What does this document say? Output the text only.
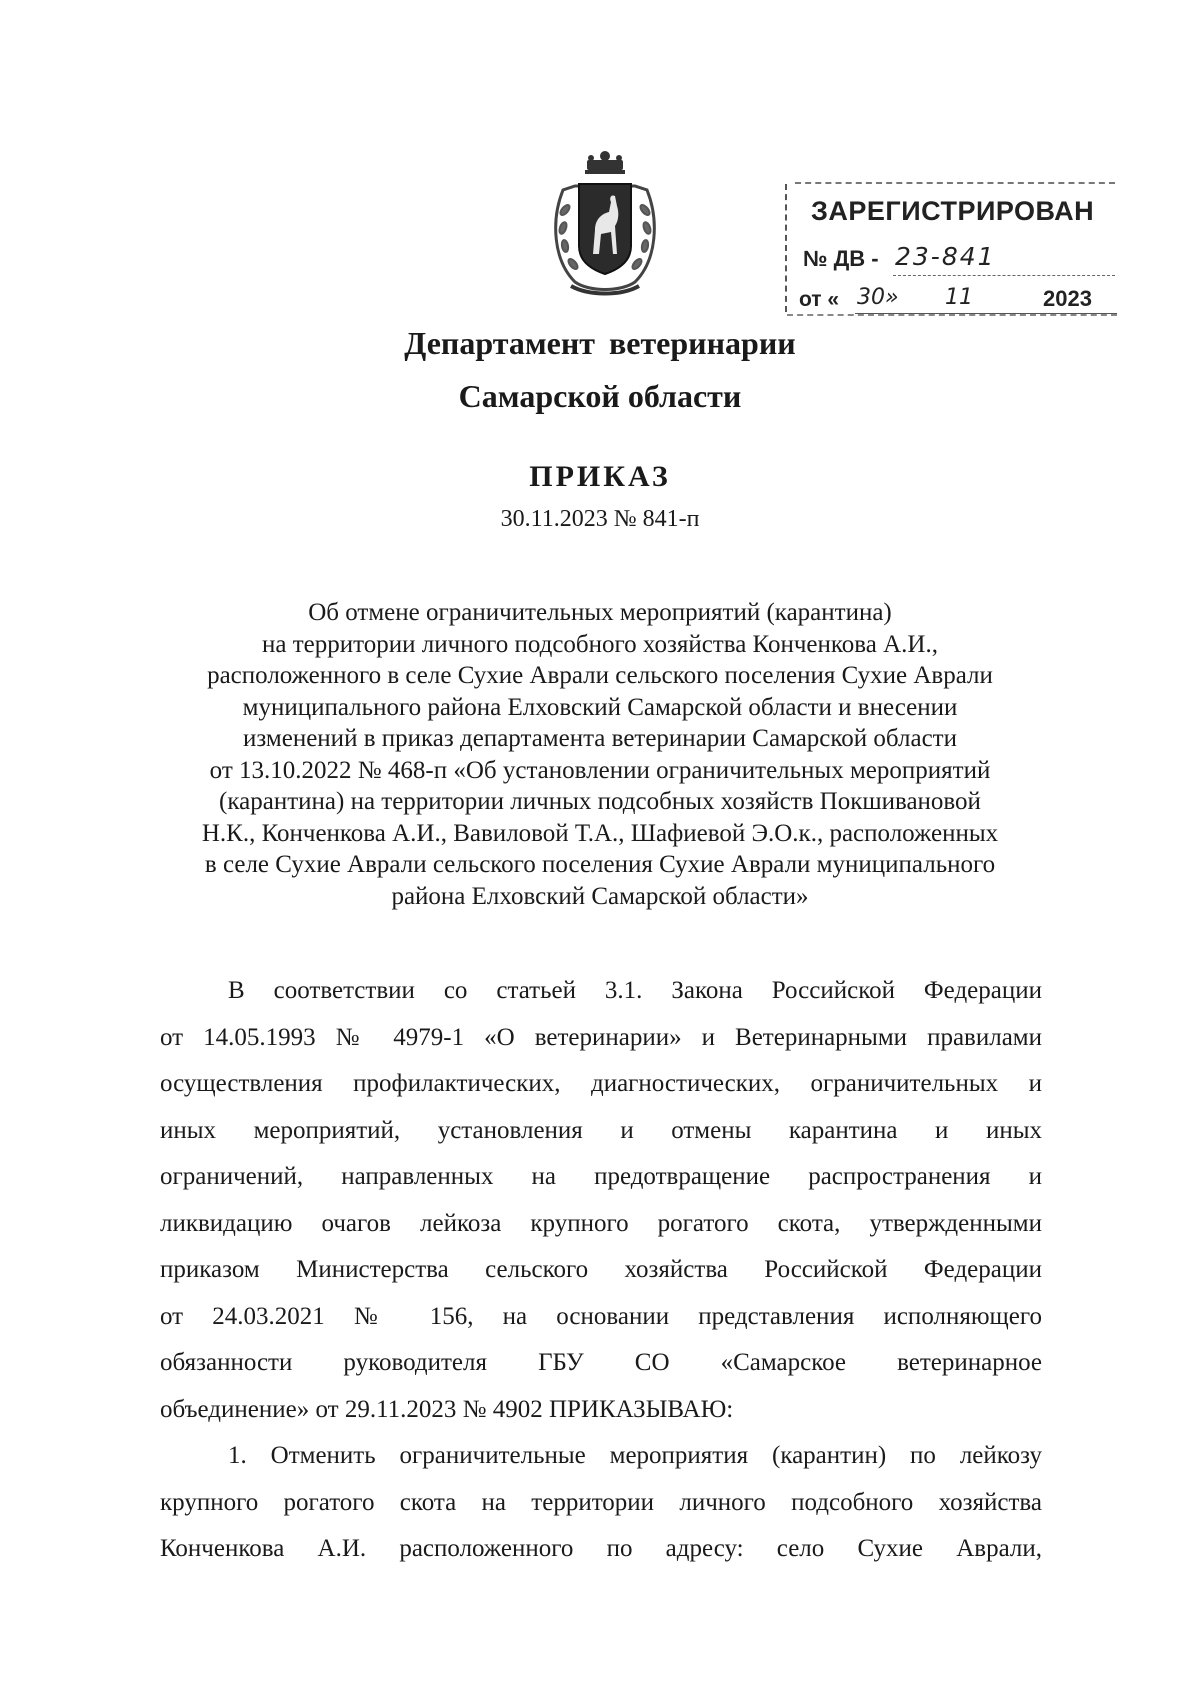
ЗАРЕГИСТРИРОВАН
№ ДВ - 23-841
от « 30» 11	2023
Департамент ветеринарии
Самарской области
ПРИКАЗ
30.11.2023 № 841-п
Об отмене ограничительных мероприятий (карантина)
на территории личного подсобного хозяйства Конченкова А.И.,
расположенного в селе Сухие Аврали сельского поселения Сухие Аврали
муниципального района Елховский Самарской области и внесении
изменений в приказ департамента ветеринарии Самарской области
от 13.10.2022 № 468-п «Об установлении ограничительных мероприятий
(карантина) на территории личных подсобных хозяйств Покшивановой
Н.К., Конченкова А.И., Вавиловой Т.А., Шафиевой Э.О.к., расположенных
в селе Сухие Аврали сельского поселения Сухие Аврали муниципального
района Елховский Самарской области»
В соответствии со статьей 3.1. Закона Российской Федерации
от 14.05.1993 № 4979-1 «О ветеринарии» и Ветеринарными правилами
осуществления профилактических, диагностических, ограничительных и
иных мероприятий, установления и отмены карантина и иных
ограничений, направленных на предотвращение распространения и
ликвидацию очагов лейкоза крупного рогатого скота, утвержденными
приказом Министерства сельского хозяйства Российской Федерации
от 24.03.2021 № 156, на основании представления исполняющего
обязанности руководителя ГБУ СО «Самарское ветеринарное
объединение» от 29.11.2023 № 4902 ПРИКАЗЫВАЮ:
1. Отменить ограничительные мероприятия (карантин) по лейкозу
крупного рогатого скота на территории личного подсобного хозяйства
Конченкова А.И. расположенного по адресу: село Сухие Аврали,
